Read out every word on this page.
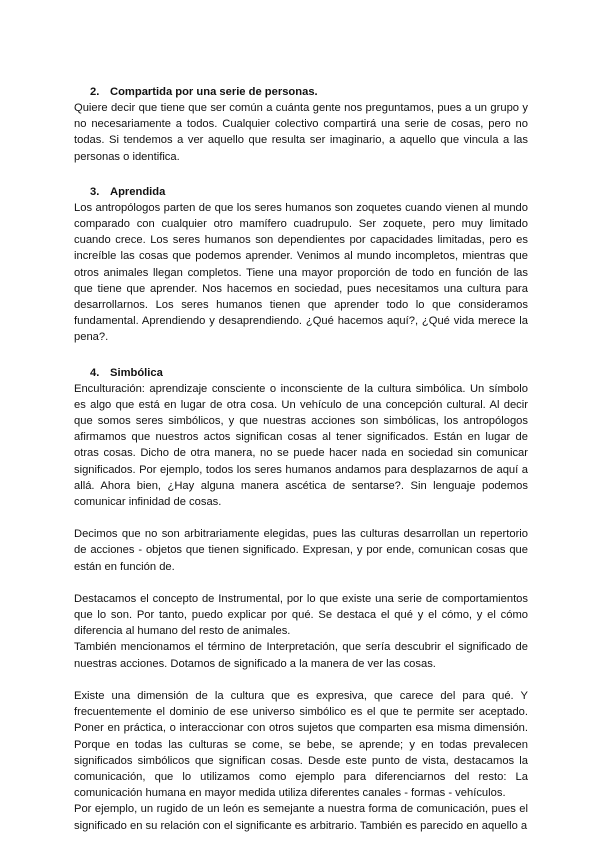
2. Compartida por una serie de personas.

Quiere decir que tiene que ser común a cuánta gente nos preguntamos, pues a un grupo y no necesariamente a todos. Cualquier colectivo compartirá una serie de cosas, pero no todas. Si tendemos a ver aquello que resulta ser imaginario, a aquello que vincula a las personas o identifica.

3. Aprendida

Los antropólogos parten de que los seres humanos son zoquetes cuando vienen al mundo comparado con cualquier otro mamífero cuadrupulo. Ser zoquete, pero muy limitado cuando crece. Los seres humanos son dependientes por capacidades limitadas, pero es increíble las cosas que podemos aprender. Venimos al mundo incompletos, mientras que otros animales llegan completos. Tiene una mayor proporción de todo en función de las que tiene que aprender. Nos hacemos en sociedad, pues necesitamos una cultura para desarrollarnos. Los seres humanos tienen que aprender todo lo que consideramos fundamental. Aprendiendo y desaprendiendo. ¿Qué hacemos aquí?, ¿Qué vida merece la pena?.

4. Simbólica

Enculturación: aprendizaje consciente o inconsciente de la cultura simbólica. Un símbolo es algo que está en lugar de otra cosa. Un vehículo de una concepción cultural. Al decir que somos seres simbólicos, y que nuestras acciones son simbólicas, los antropólogos afirmamos que nuestros actos significan cosas al tener significados. Están en lugar de otras cosas. Dicho de otra manera, no se puede hacer nada en sociedad sin comunicar significados. Por ejemplo, todos los seres humanos andamos para desplazarnos de aquí a allá. Ahora bien, ¿Hay alguna manera ascética de sentarse?. Sin lenguaje podemos comunicar infinidad de cosas.

Decimos que no son arbitrariamente elegidas, pues las culturas desarrollan un repertorio de acciones - objetos que tienen significado. Expresan, y por ende, comunican cosas que están en función de.

Destacamos el concepto de Instrumental, por lo que existe una serie de comportamientos que lo son. Por tanto, puedo explicar por qué. Se destaca el qué y el cómo, y el cómo diferencia al humano del resto de animales.

También mencionamos el término de Interpretación, que sería descubrir el significado de nuestras acciones. Dotamos de significado a la manera de ver las cosas.

Existe una dimensión de la cultura que es expresiva, que carece del para qué. Y frecuentemente el dominio de ese universo simbólico es el que te permite ser aceptado. Poner en práctica, o interaccionar con otros sujetos que comparten esa misma dimensión. Porque en todas las culturas se come, se bebe, se aprende; y en todas prevalecen significados simbólicos que significan cosas. Desde este punto de vista, destacamos la comunicación, que lo utilizamos como ejemplo para diferenciarnos del resto: La comunicación humana en mayor medida utiliza diferentes canales - formas - vehículos.

Por ejemplo, un rugido de un león es semejante a nuestra forma de comunicación, pues el significado en su relación con el significante es arbitrario. También es parecido en aquello a
